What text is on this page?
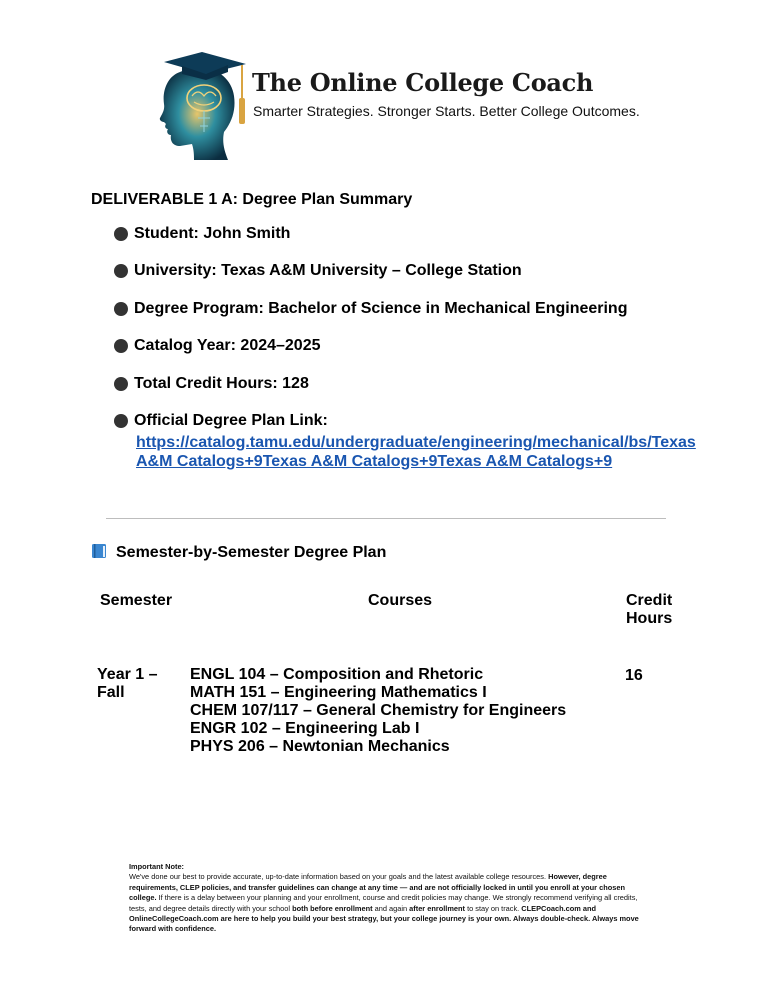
The Online College Coach
Smarter Strategies. Stronger Starts. Better College Outcomes.
DELIVERABLE 1 A: Degree Plan Summary
Student: John Smith
University: Texas A&M University – College Station
Degree Program: Bachelor of Science in Mechanical Engineering
Catalog Year: 2024–2025
Total Credit Hours: 128
Official Degree Plan Link:
https://catalog.tamu.edu/undergraduate/engineering/mechanical/bs/Texas A&M Catalogs+9Texas A&M Catalogs+9Texas A&M Catalogs+9
Semester-by-Semester Degree Plan
Semester	Courses	Credit Hours
Year 1 – Fall
ENGL 104 – Composition and Rhetoric
MATH 151 – Engineering Mathematics I
CHEM 107/117 – General Chemistry for Engineers
ENGR 102 – Engineering Lab I
PHYS 206 – Newtonian Mechanics
16
Important Note:
We've done our best to provide accurate, up-to-date information based on your goals and the latest available college resources. However, degree requirements, CLEP policies, and transfer guidelines can change at any time — and are not officially locked in until you enroll at your chosen college. If there is a delay between your planning and your enrollment, course and credit policies may change. We strongly recommend verifying all credits, tests, and degree details directly with your school both before enrollment and again after enrollment to stay on track. CLEPCoach.com and OnlineCollegeCoach.com are here to help you build your best strategy, but your college journey is your own. Always double-check. Always move forward with confidence.
